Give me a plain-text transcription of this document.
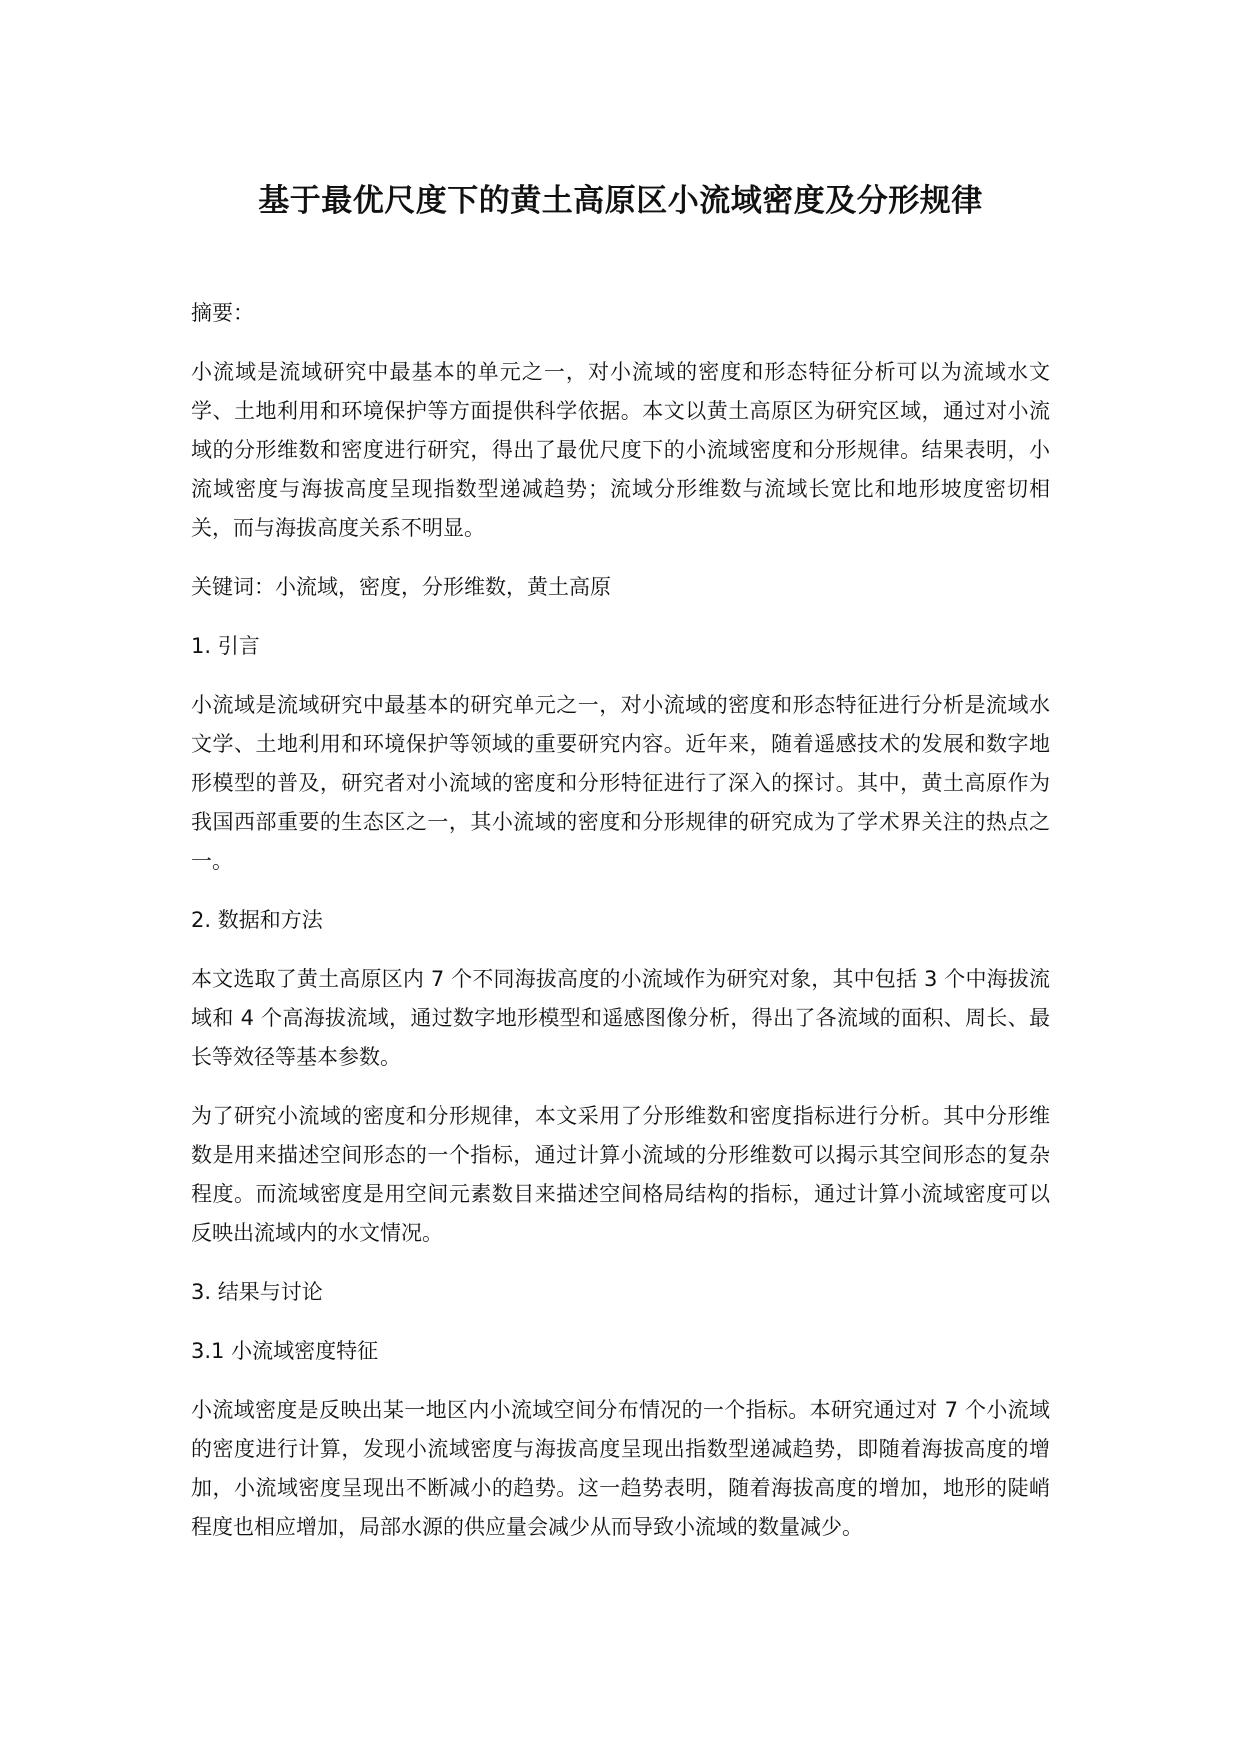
基于最优尺度下的黄土高原区小流域密度及分形规律
摘要：
小流域是流域研究中最基本的单元之一，对小流域的密度和形态特征分析可以为流域水文学、土地利用和环境保护等方面提供科学依据。本文以黄土高原区为研究区域，通过对小流域的分形维数和密度进行研究，得出了最优尺度下的小流域密度和分形规律。结果表明，小流域密度与海拔高度呈现指数型递减趋势；流域分形维数与流域长宽比和地形坡度密切相关，而与海拔高度关系不明显。
关键词：小流域，密度，分形维数，黄土高原
1. 引言
小流域是流域研究中最基本的研究单元之一，对小流域的密度和形态特征进行分析是流域水文学、土地利用和环境保护等领域的重要研究内容。近年来，随着遥感技术的发展和数字地形模型的普及，研究者对小流域的密度和分形特征进行了深入的探讨。其中，黄土高原作为我国西部重要的生态区之一，其小流域的密度和分形规律的研究成为了学术界关注的热点之一。
2. 数据和方法
本文选取了黄土高原区内 7 个不同海拔高度的小流域作为研究对象，其中包括 3 个中海拔流域和 4 个高海拔流域，通过数字地形模型和遥感图像分析，得出了各流域的面积、周长、最长等效径等基本参数。
为了研究小流域的密度和分形规律，本文采用了分形维数和密度指标进行分析。其中分形维数是用来描述空间形态的一个指标，通过计算小流域的分形维数可以揭示其空间形态的复杂程度。而流域密度是用空间元素数目来描述空间格局结构的指标，通过计算小流域密度可以反映出流域内的水文情况。
3. 结果与讨论
3.1 小流域密度特征
小流域密度是反映出某一地区内小流域空间分布情况的一个指标。本研究通过对 7 个小流域的密度进行计算，发现小流域密度与海拔高度呈现出指数型递减趋势，即随着海拔高度的增加，小流域密度呈现出不断减小的趋势。这一趋势表明，随着海拔高度的增加，地形的陡峭程度也相应增加，局部水源的供应量会减少从而导致小流域的数量减少。
